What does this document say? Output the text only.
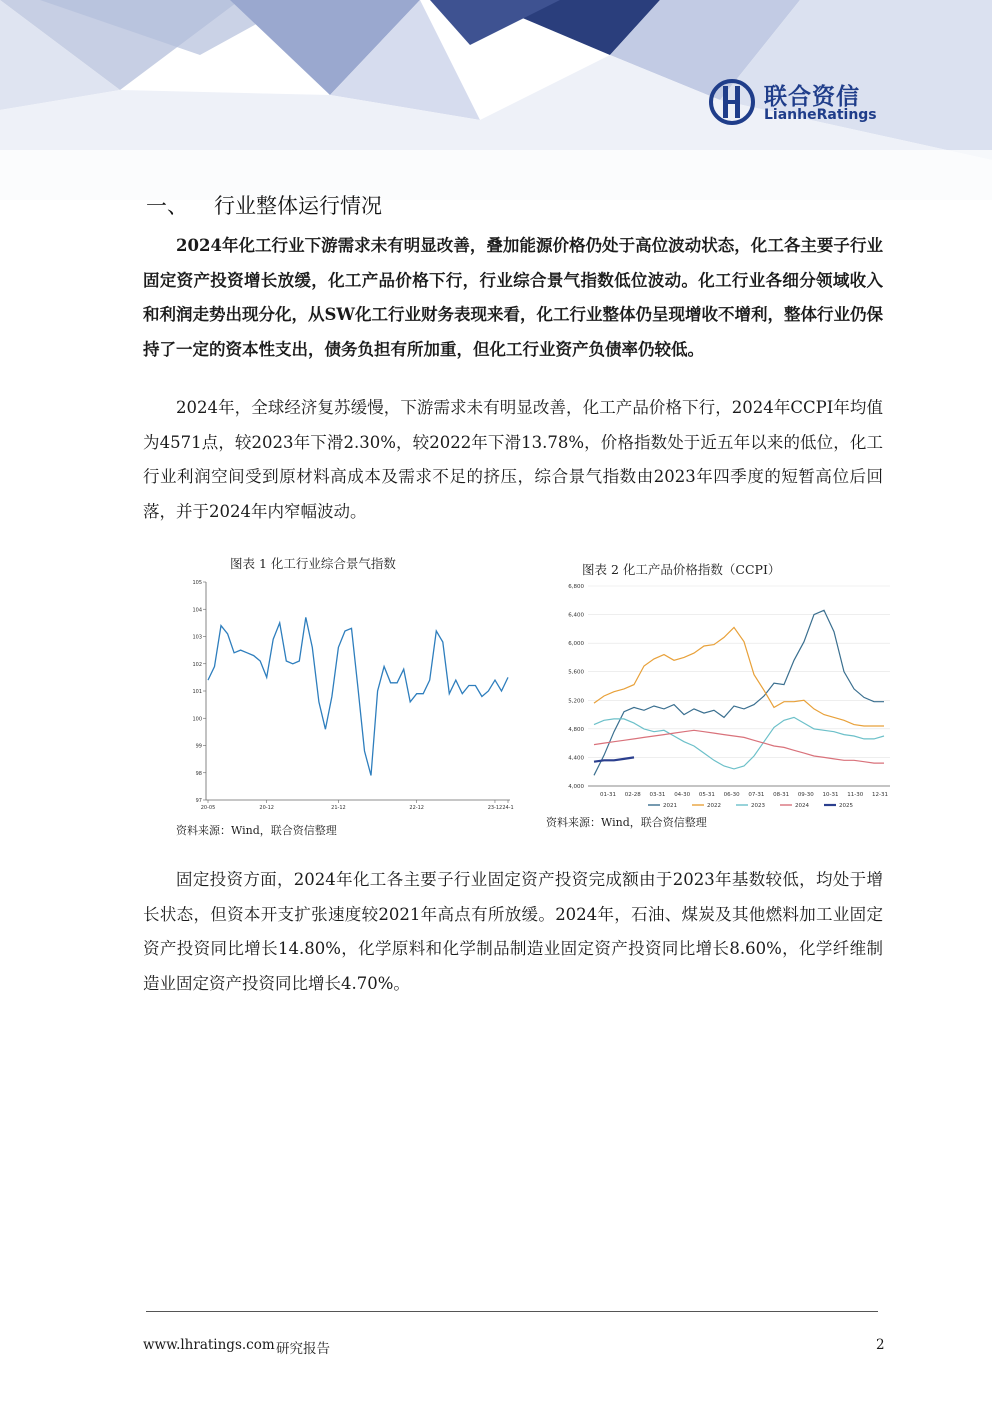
联合资信
LianheRatings
一、 行业整体运行情况
2024年化工行业下游需求未有明显改善，叠加能源价格仍处于高位波动状态，化工各主要子行业固定资产投资增长放缓，化工产品价格下行，行业综合景气指数低位波动。化工行业各细分领域收入和利润走势出现分化，从SW化工行业财务表现来看，化工行业整体仍呈现增收不增利，整体行业仍保持了一定的资本性支出，债务负担有所加重，但化工行业资产负债率仍较低。
2024年，全球经济复苏缓慢，下游需求未有明显改善，化工产品价格下行，2024年CCPI年均值为4571点，较2023年下滑2.30%，较2022年下滑13.78%，价格指数处于近五年以来的低位，化工行业利润空间受到原材料高成本及需求不足的挤压，综合景气指数由2023年四季度的短暂高位后回落，并于2024年内窄幅波动。
图表 1 化工行业综合景气指数
105
104
103
102
101
100
99
98
97
20-05	20-12	21-12	22-12	23-12 24-1
资料来源：Wind，联合资信整理
图表 2 化工产品价格指数（CCPI）
6,800
6,400
6,000
5,600
5,200
4,800
4,400
4,000
01-31 02-28 03-31 04-30 05-31 06-30 07-31 08-31 09-30 10-31 11-30 12-31
2021	2022	2023	2024	2025
资料来源：Wind，联合资信整理
固定投资方面，2024年化工各主要子行业固定资产投资完成额由于2023年基数较低，均处于增长状态，但资本开支扩张速度较2021年高点有所放缓。2024年，石油、煤炭及其他燃料加工业固定资产投资同比增长14.80%，化学原料和化学制品制造业固定资产投资同比增长8.60%，化学纤维制造业固定资产投资同比增长4.70%。
www.lhratings.com 研究报告	2
